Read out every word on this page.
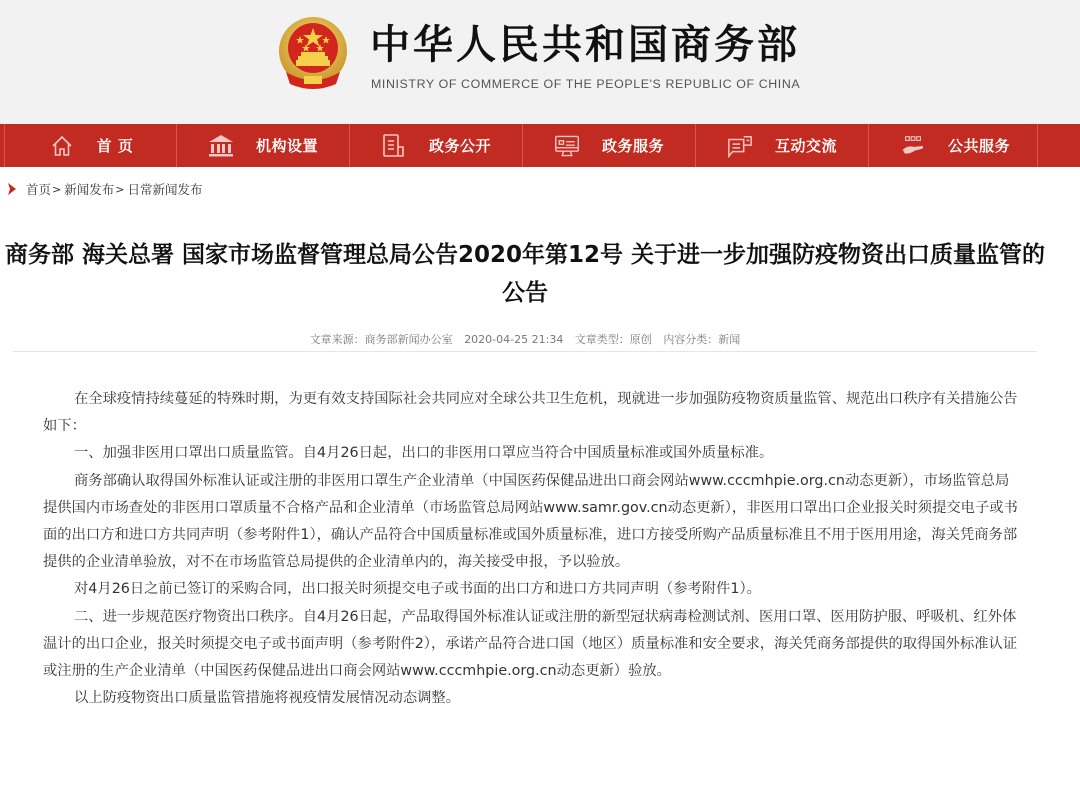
中华人民共和国商务部
MINISTRY OF COMMERCE OF THE PEOPLE'S REPUBLIC OF CHINA
首 页	机构设置	政务公开	政务服务	互动交流	公共服务
首页 > 新闻发布 > 日常新闻发布
商务部 海关总署 国家市场监督管理总局公告2020年第12号 关于进一步加强防疫物资出口质量监管的公告
文章来源：商务部新闻办公室 2020-04-25 21:34 文章类型：原创 内容分类：新闻

在全球疫情持续蔓延的特殊时期，为更有效支持国际社会共同应对全球公共卫生危机，现就进一步加强防疫物资质量监管、规范出口秩序有关措施公告如下：

一、加强非医用口罩出口质量监管。自4月26日起，出口的非医用口罩应当符合中国质量标准或国外质量标准。

商务部确认取得国外标准认证或注册的非医用口罩生产企业清单（中国医药保健品进出口商会网站www.cccmhpie.org.cn动态更新），市场监管总局提供国内市场查处的非医用口罩质量不合格产品和企业清单（市场监管总局网站www.samr.gov.cn动态更新），非医用口罩出口企业报关时须提交电子或书面的出口方和进口方共同声明（参考附件1），确认产品符合中国质量标准或国外质量标准，进口方接受所购产品质量标准且不用于医用用途，海关凭商务部提供的企业清单验放，对不在市场监管总局提供的企业清单内的，海关接受申报，予以验放。

对4月26日之前已签订的采购合同，出口报关时须提交电子或书面的出口方和进口方共同声明（参考附件1）。

二、进一步规范医疗物资出口秩序。自4月26日起，产品取得国外标准认证或注册的新型冠状病毒检测试剂、医用口罩、医用防护服、呼吸机、红外体温计的出口企业，报关时须提交电子或书面声明（参考附件2），承诺产品符合进口国（地区）质量标准和安全要求，海关凭商务部提供的取得国外标准认证或注册的生产企业清单（中国医药保健品进出口商会网站www.cccmhpie.org.cn动态更新）验放。

以上防疫物资出口质量监管措施将视疫情发展情况动态调整。
